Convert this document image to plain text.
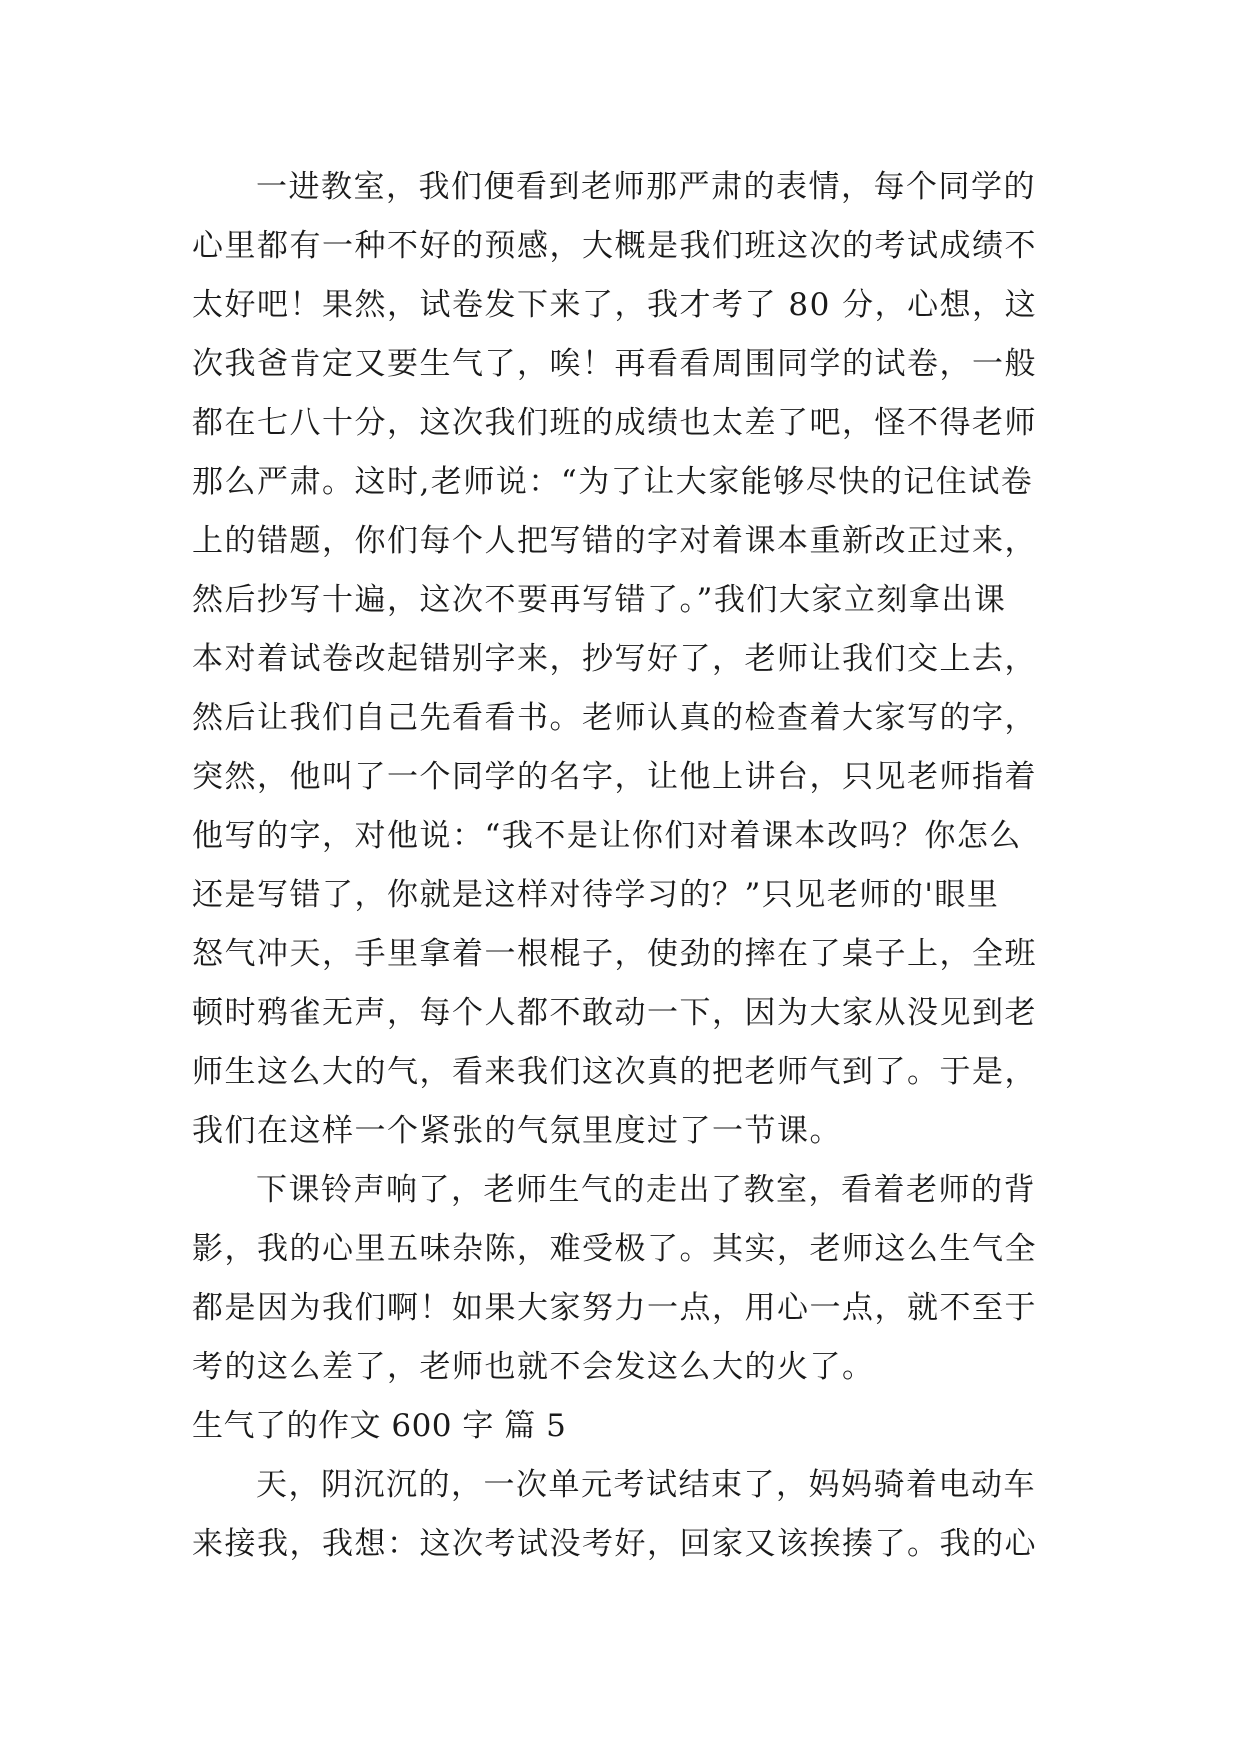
一进教室，我们便看到老师那严肃的表情，每个同学的
心里都有一种不好的预感，大概是我们班这次的考试成绩不
太好吧！果然，试卷发下来了，我才考了 80 分，心想，这
次我爸肯定又要生气了，唉！再看看周围同学的试卷，一般
都在七八十分，这次我们班的成绩也太差了吧，怪不得老师
那么严肃。这时,老师说：“为了让大家能够尽快的记住试卷
上的错题，你们每个人把写错的字对着课本重新改正过来，
然后抄写十遍，这次不要再写错了。”我们大家立刻拿出课
本对着试卷改起错别字来，抄写好了，老师让我们交上去，
然后让我们自己先看看书。老师认真的检查着大家写的字，
突然，他叫了一个同学的名字，让他上讲台，只见老师指着
他写的字，对他说：“我不是让你们对着课本改吗？你怎么
还是写错了，你就是这样对待学习的？”只见老师的'眼里
怒气冲天，手里拿着一根棍子，使劲的摔在了桌子上，全班
顿时鸦雀无声，每个人都不敢动一下，因为大家从没见到老
师生这么大的气，看来我们这次真的把老师气到了。于是，
我们在这样一个紧张的气氛里度过了一节课。
下课铃声响了，老师生气的走出了教室，看着老师的背
影，我的心里五味杂陈，难受极了。其实，老师这么生气全
都是因为我们啊！如果大家努力一点，用心一点，就不至于
考的这么差了，老师也就不会发这么大的火了。
生气了的作文 600 字 篇 5
天，阴沉沉的，一次单元考试结束了，妈妈骑着电动车
来接我，我想：这次考试没考好，回家又该挨揍了。我的心
